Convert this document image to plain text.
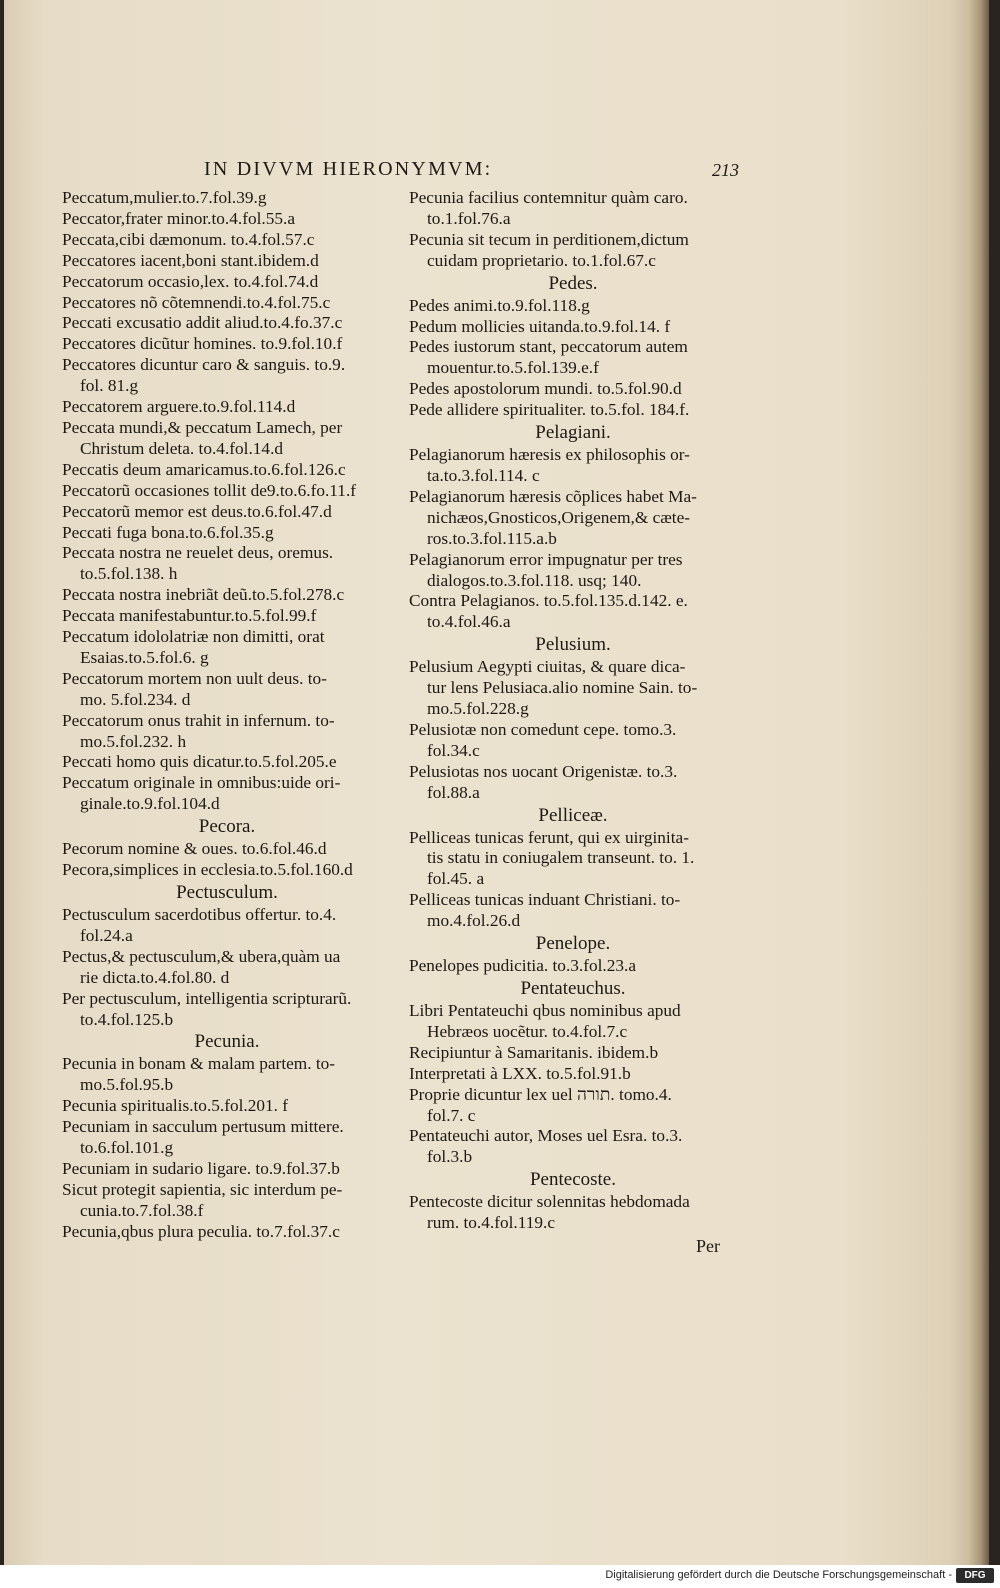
IN DIVVM HIERONYMVM:	213
Peccatum,mulier.to.7.fol.39.g
Peccator,frater minor.to.4.fol.55.a
Peccata,cibi dæmonum. to.4.fol.57.c
Peccatores iacent,boni stant.ibidem.d
Peccatorum occasio,lex. to.4.fol.74.d
Peccatores nõ cõtemnendi.to.4.fol.75.c
Peccati excusatio addit aliud.to.4.fo.37.c
Peccatores dicũtur homines. to.9.fol.10.f
Peccatores dicuntur caro & sanguis. to.9.
fol. 81.g
Peccatorem arguere.to.9.fol.114.d
Peccata mundi,& peccatum Lamech, per
Christum deleta. to.4.fol.14.d
Peccatis deum amaricamus.to.6.fol.126.c
Peccatorũ occasiones tollit de9.to.6.fo.11.f
Peccatorũ memor est deus.to.6.fol.47.d
Peccati fuga bona.to.6.fol.35.g
Peccata nostra ne reuelet deus, oremus.
to.5.fol.138. h
Peccata nostra inebriãt deũ.to.5.fol.278.c
Peccata manifestabuntur.to.5.fol.99.f
Peccatum idololatriæ non dimitti, orat
Esaias.to.5.fol.6. g
Peccatorum mortem non uult deus. to-
mo. 5.fol.234. d
Peccatorum onus trahit in infernum. to-
mo.5.fol.232. h
Peccati homo quis dicatur.to.5.fol.205.e
Peccatum originale in omnibus:uide ori-
ginale.to.9.fol.104.d
Pecora.
Pecorum nomine & oues. to.6.fol.46.d
Pecora,simplices in ecclesia.to.5.fol.160.d
Pectusculum.
Pectusculum sacerdotibus offertur. to.4.
fol.24.a
Pectus,& pectusculum,& ubera,quàm ua
rie dicta.to.4.fol.80. d
Per pectusculum, intelligentia scripturarũ.
to.4.fol.125.b
Pecunia.
Pecunia in bonam & malam partem. to-
mo.5.fol.95.b
Pecunia spiritualis.to.5.fol.201. f
Pecuniam in sacculum pertusum mittere.
to.6.fol.101.g
Pecuniam in sudario ligare. to.9.fol.37.b
Sicut protegit sapientia, sic interdum pe-
cunia.to.7.fol.38.f
Pecunia,qbus plura peculia. to.7.fol.37.c
Pecunia facilius contemnitur quàm caro.
to.1.fol.76.a
Pecunia sit tecum in perditionem,dictum
cuidam proprietario. to.1.fol.67.c
Pedes.
Pedes animi.to.9.fol.118.g
Pedum mollicies uitanda.to.9.fol.14. f
Pedes iustorum stant, peccatorum autem
mouentur.to.5.fol.139.e.f
Pedes apostolorum mundi. to.5.fol.90.d
Pede allidere spiritualiter. to.5.fol. 184.f.
Pelagiani.
Pelagianorum hæresis ex philosophis or-
ta.to.3.fol.114. c
Pelagianorum hæresis cõplices habet Ma-
nichæos,Gnosticos,Origenem,& cæte-
ros.to.3.fol.115.a.b
Pelagianorum error impugnatur per tres
dialogos.to.3.fol.118. usq; 140.
Contra Pelagianos. to.5.fol.135.d.142. e.
to.4.fol.46.a
Pelusium.
Pelusium Aegypti ciuitas, & quare dica-
tur lens Pelusiaca.alio nomine Sain. to-
mo.5.fol.228.g
Pelusiotæ non comedunt cepe. tomo.3.
fol.34.c
Pelusiotas nos uocant Origenistæ. to.3.
fol.88.a
Pelliceæ.
Pelliceas tunicas ferunt, qui ex uirginita-
tis statu in coniugalem transeunt. to. 1.
fol.45. a
Pelliceas tunicas induant Christiani. to-
mo.4.fol.26.d
Penelope.
Penelopes pudicitia. to.3.fol.23.a
Pentateuchus.
Libri Pentateuchi qbus nominibus apud
Hebræos uocẽtur. to.4.fol.7.c
Recipiuntur à Samaritanis. ibidem.b
Interpretati à LXX. to.5.fol.91.b
Proprie dicuntur lex uel תורה. tomo.4.
fol.7. c
Pentateuchi autor, Moses uel Esra. to.3.
fol.3.b
Pentecoste.
Pentecoste dicitur solennitas hebdomada
rum. to.4.fol.119.c
Per
Digitalisierung gefördert durch die Deutsche Forschungsgemeinschaft -	DFG
